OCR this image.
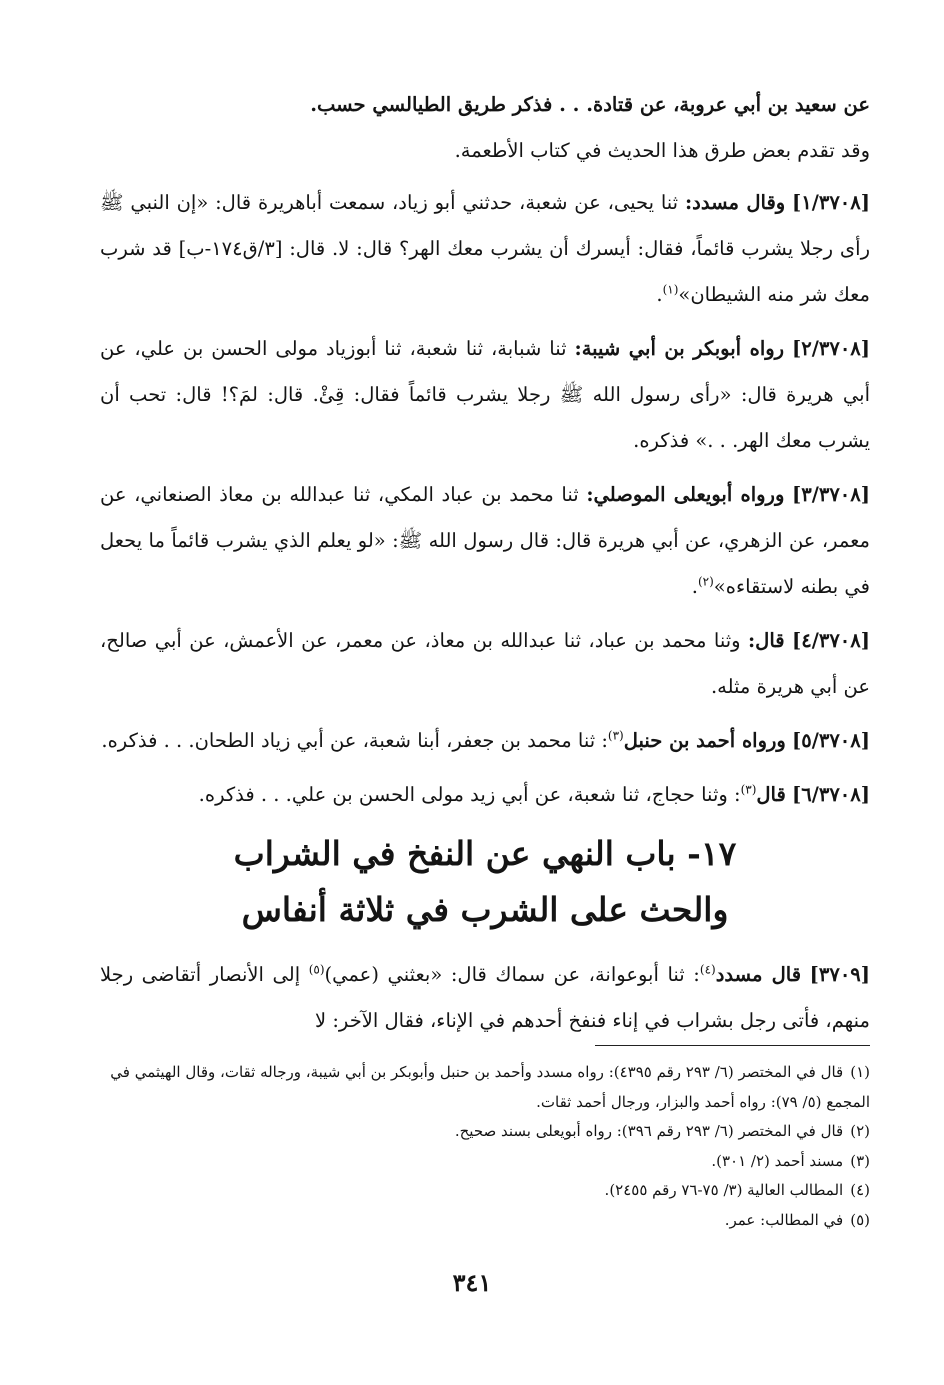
عن سعيد بن أبي عروبة، عن قتادة. . . فذكر طريق الطيالسي حسب.
وقد تقدم بعض طرق هذا الحديث في كتاب الأطعمة.

[١/٣٧٠٨] وقال مسدد: ثنا يحيى، عن شعبة، حدثني أبو زياد، سمعت أباهريرة قال: «إن النبي ﷺ رأى رجلا يشرب قائماً، فقال: أيسرك أن يشرب معك الهر؟ قال: لا. قال: [٣/ق١٧٤-ب] قد شرب معك شر منه الشيطان»$^{(١)}$.

[٢/٣٧٠٨] رواه أبوبكر بن أبي شيبة: ثنا شبابة، ثنا شعبة، ثنا أبوزياد مولى الحسن بن علي، عن أبي هريرة قال: «رأى رسول الله ﷺ رجلا يشرب قائماً فقال: قِئْ. قال: لمَ؟! قال: تحب أن يشرب معك الهر. . .» فذكره.

[٣/٣٧٠٨] ورواه أبويعلى الموصلي: ثنا محمد بن عباد المكي، ثنا عبدالله بن معاذ الصنعاني، عن معمر، عن الزهري، عن أبي هريرة قال: قال رسول الله ﷺ: «لو يعلم الذي يشرب قائماً ما يحعل في بطنه لاستقاءه»$^{(٢)}$.

[٤/٣٧٠٨] قال: وثنا محمد بن عباد، ثنا عبدالله بن معاذ، عن معمر، عن الأعمش، عن أبي صالح، عن أبي هريرة مثله.

[٥/٣٧٠٨] ورواه أحمد بن حنبل$^{(٣)}$: ثنا محمد بن جعفر، أبنا شعبة، عن أبي زياد الطحان. . . فذكره.

[٦/٣٧٠٨] قال$^{(٣)}$: وثنا حجاج، ثنا شعبة، عن أبي زيد مولى الحسن بن علي. . . فذكره.

١٧- باب النهي عن النفخ في الشراب
والحث على الشرب في ثلاثة أنفاس

[٣٧٠٩] قال مسدد$^{(٤)}$: ثنا أبوعوانة، عن سماك قال: «بعثني (عمي)$^{(٥)}$ إلى الأنصار أتقاضى رجلا منهم، فأتى رجل بشراب في إناء فنفخ أحدهم في الإناء، فقال الآخر: لا

(١) قال في المختصر (٦/ ٢٩٣ رقم ٤٣٩٥): رواه مسدد وأحمد بن حنبل وأبوبكر بن أبي شيبة، ورجاله ثقات، وقال الهيثمي في المجمع (٥/ ٧٩): رواه أحمد والبزار، ورجال أحمد ثقات.

(٢) قال في المختصر (٦/ ٢٩٣ رقم ٣٩٦): رواه أبويعلى بسند صحيح.

(٣) مسند أحمد (٢/ ٣٠١).

(٤) المطالب العالية (٣/ ٧٥-٧٦ رقم ٢٤٥٥).

(٥) في المطالب: عمر.

٣٤١
